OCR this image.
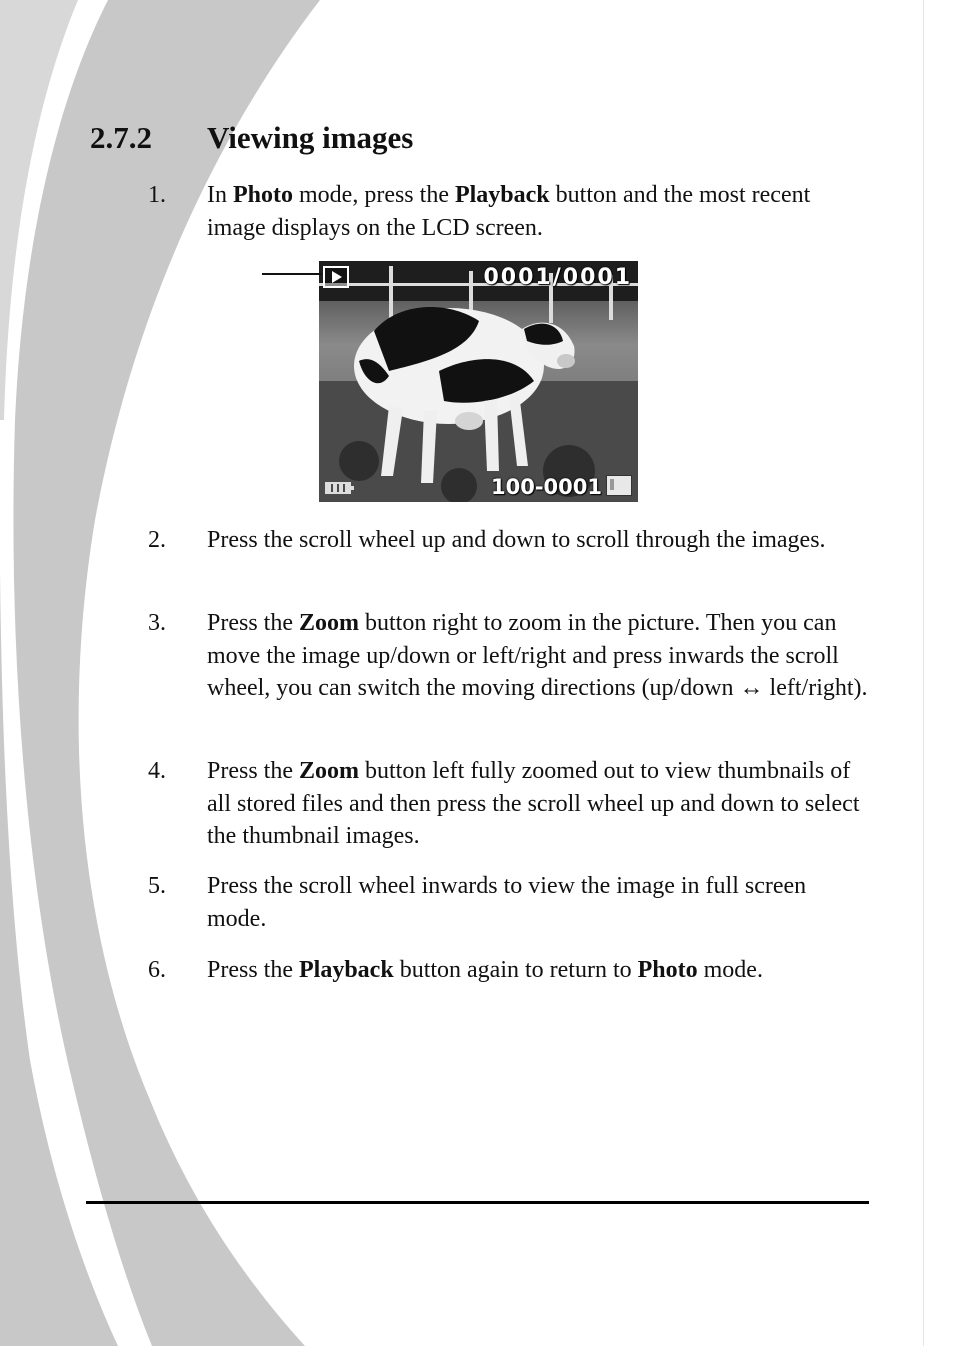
2.7.2 Viewing images
1. In Photo mode, press the Playback button and the most recent image displays on the LCD screen.
0001/0001
100-0001
2. Press the scroll wheel up and down to scroll through the images.
3. Press the Zoom button right to zoom in the picture. Then you can move the image up/down or left/right and press inwards the scroll wheel, you can switch the moving directions (up/down ↔ left/right).
4. Press the Zoom button left fully zoomed out to view thumbnails of all stored files and then press the scroll wheel up and down to select the thumbnail images.
5. Press the scroll wheel inwards to view the image in full screen mode.
6. Press the Playback button again to return to Photo mode.
